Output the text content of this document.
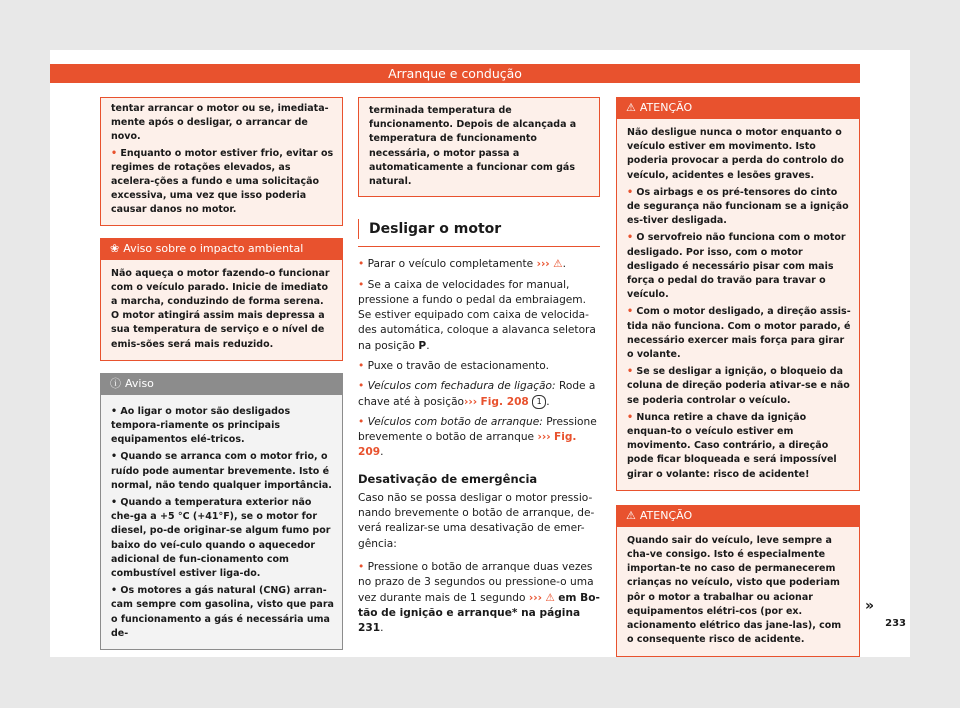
Arranque e condução

tentar arrancar o motor ou se, imediata-mente após o desligar, o arrancar de novo.

• Enquanto o motor estiver frio, evitar os regimes de rotações elevados, as acelera-ções a fundo e uma solicitação excessiva, uma vez que isso poderia causar danos no motor.

❀ Aviso sobre o impacto ambiental

Não aqueça o motor fazendo-o funcionar com o veículo parado. Inicie de imediato a marcha, conduzindo de forma serena. O motor atingirá assim mais depressa a sua temperatura de serviço e o nível de emis-sões será mais reduzido.

ⓘ Aviso

• Ao ligar o motor são desligados tempora-riamente os principais equipamentos elé-tricos.

• Quando se arranca com o motor frio, o ruído pode aumentar brevemente. Isto é normal, não tendo qualquer importância.

• Quando a temperatura exterior não che-ga a +5 °C (+41°F), se o motor for diesel, po-de originar-se algum fumo por baixo do veí-culo quando o aquecedor adicional de fun-cionamento com combustível estiver liga-do.

• Os motores a gás natural (CNG) arran-cam sempre com gasolina, visto que para o funcionamento a gás é necessária uma de-

terminada temperatura de funcionamento. Depois de alcançada a temperatura de funcionamento necessária, o motor passa a automaticamente a funcionar com gás natural.

Desligar o motor

• Parar o veículo completamente ››› ⚠.

• Se a caixa de velocidades for manual, pressione a fundo o pedal da embraiagem. Se estiver equipado com caixa de velocida-des automática, coloque a alavanca seletora na posição P.

• Puxe o travão de estacionamento.

• Veículos com fechadura de ligação: Rode a chave até à posição››› Fig. 208 1 .

• Veículos com botão de arranque: Pressione brevemente o botão de arranque ››› Fig. 209.

Desativação de emergência

Caso não se possa desligar o motor pressio-nando brevemente o botão de arranque, de-verá realizar-se uma desativação de emer-gência:

• Pressione o botão de arranque duas vezes no prazo de 3 segundos ou pressione-o uma vez durante mais de 1 segundo ››› ⚠ em Bo-tão de ignição e arranque* na página 231.

⚠ ATENÇÃO

Não desligue nunca o motor enquanto o veículo estiver em movimento. Isto poderia provocar a perda do controlo do veículo, acidentes e lesões graves.

• Os airbags e os pré-tensores do cinto de segurança não funcionam se a ignição es-tiver desligada.

• O servofreio não funciona com o motor desligado. Por isso, com o motor desligado é necessário pisar com mais força o pedal do travão para travar o veículo.

• Com o motor desligado, a direção assis-tida não funciona. Com o motor parado, é necessário exercer mais força para girar o volante.

• Se se desligar a ignição, o bloqueio da coluna de direção poderia ativar-se e não se poderia controlar o veículo.

• Nunca retire a chave da ignição enquan-to o veículo estiver em movimento. Caso contrário, a direção pode ficar bloqueada e será impossível girar o volante: risco de acidente!

⚠ ATENÇÃO

Quando sair do veículo, leve sempre a cha-ve consigo. Isto é especialmente importan-te no caso de permanecerem crianças no veículo, visto que poderiam pôr o motor a trabalhar ou acionar equipamentos elétri-cos (por ex. acionamento elétrico das jane-las), com o consequente risco de acidente.

»
233
